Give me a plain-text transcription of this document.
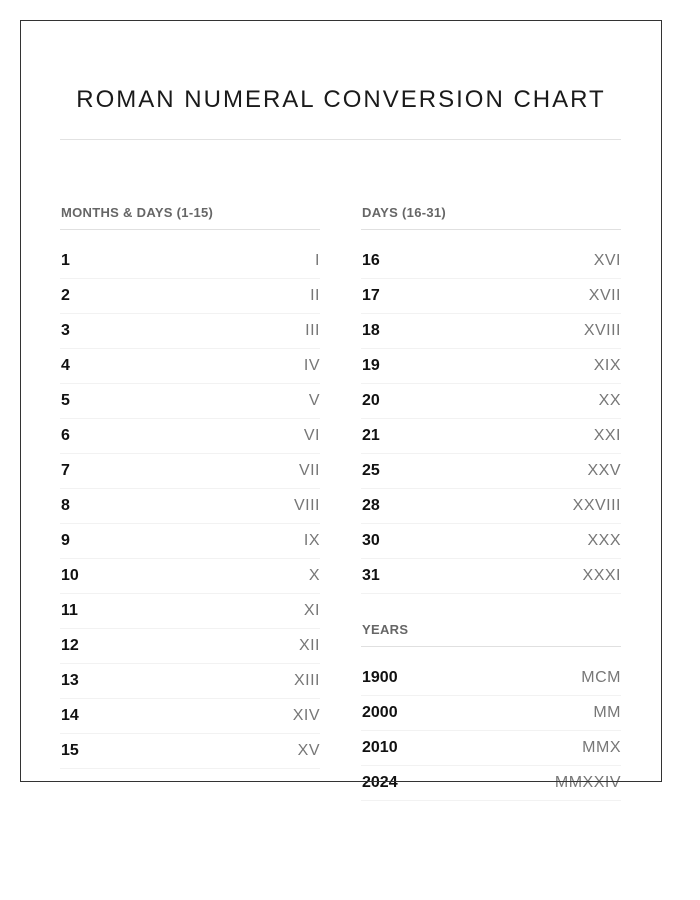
ROMAN NUMERAL CONVERSION CHART
MONTHS & DAYS (1-15)
1	I
2	II
3	III
4	IV
5	V
6	VI
7	VII
8	VIII
9	IX
10	X
11	XI
12	XII
13	XIII
14	XIV
15	XV
DAYS (16-31)
16	XVI
17	XVII
18	XVIII
19	XIX
20	XX
21	XXI
25	XXV
28	XXVIII
30	XXX
31	XXXI
YEARS
1900	MCM
2000	MM
2010	MMX
2024	MMXXIV
